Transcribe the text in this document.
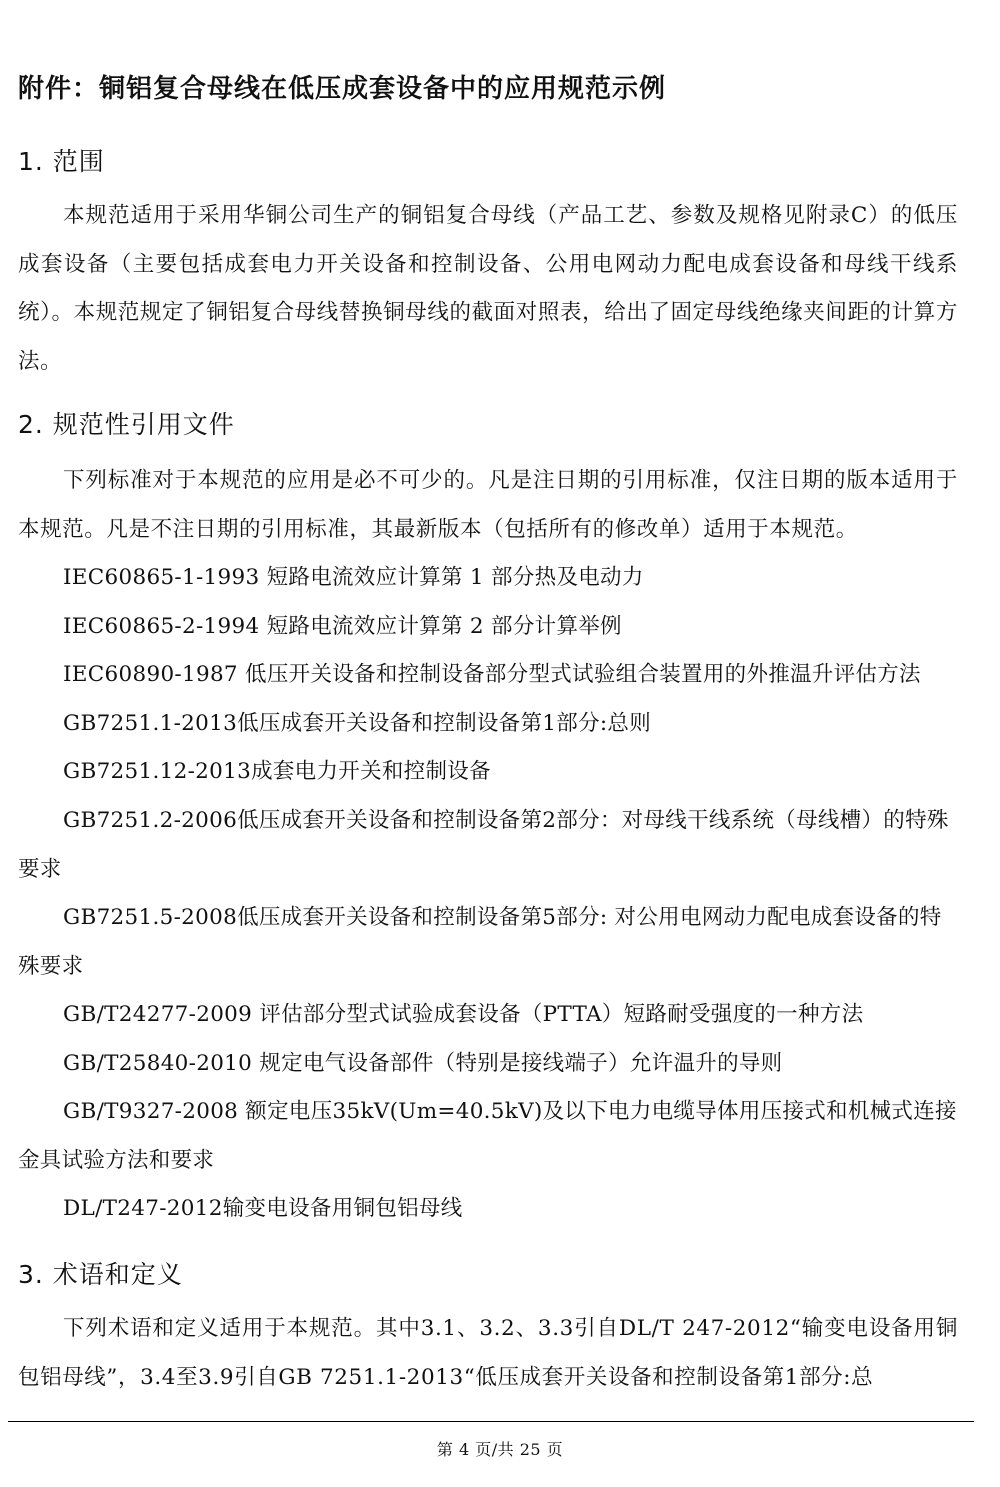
附件：铜铝复合母线在低压成套设备中的应用规范示例
1. 范围

本规范适用于采用华铜公司生产的铜铝复合母线（产品工艺、参数及规格见附录C）的低压成套设备（主要包括成套电力开关设备和控制设备、公用电网动力配电成套设备和母线干线系统）。本规范规定了铜铝复合母线替换铜母线的截面对照表，给出了固定母线绝缘夹间距的计算方法。

2. 规范性引用文件

下列标准对于本规范的应用是必不可少的。凡是注日期的引用标准，仅注日期的版本适用于本规范。凡是不注日期的引用标准，其最新版本（包括所有的修改单）适用于本规范。

IEC60865-1-1993 短路电流效应计算第 1 部分热及电动力

IEC60865-2-1994 短路电流效应计算第 2 部分计算举例

IEC60890-1987 低压开关设备和控制设备部分型式试验组合装置用的外推温升评估方法

GB7251.1-2013低压成套开关设备和控制设备第1部分:总则

GB7251.12-2013成套电力开关和控制设备

GB7251.2-2006低压成套开关设备和控制设备第2部分：对母线干线系统（母线槽）的特殊要求

GB7251.5-2008低压成套开关设备和控制设备第5部分: 对公用电网动力配电成套设备的特殊要求

GB/T24277-2009 评估部分型式试验成套设备（PTTA）短路耐受强度的一种方法

GB/T25840-2010 规定电气设备部件（特别是接线端子）允许温升的导则

GB/T9327-2008 额定电压35kV(Um=40.5kV)及以下电力电缆导体用压接式和机械式连接金具试验方法和要求

DL/T247-2012输变电设备用铜包铝母线

3. 术语和定义

下列术语和定义适用于本规范。其中3.1、3.2、3.3引自DL/T 247-2012“输变电设备用铜包铝母线”，3.4至3.9引自GB 7251.1-2013“低压成套开关设备和控制设备第1部分:总

第 4 页/共 25 页
